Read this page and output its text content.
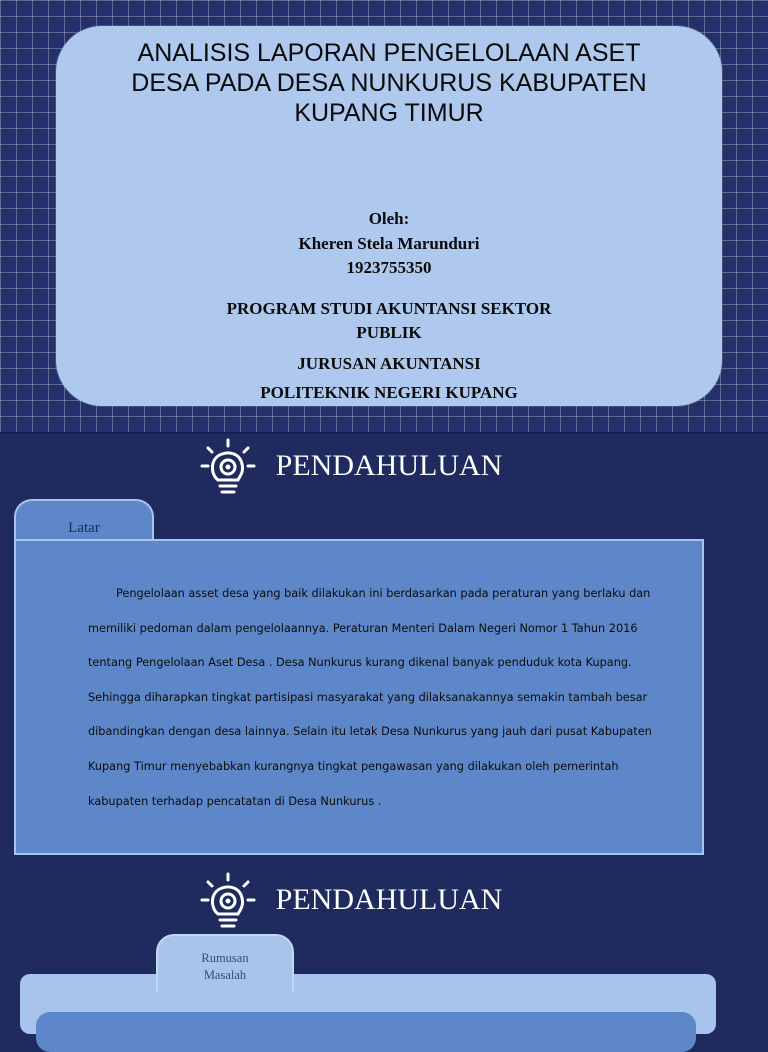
ANALISIS LAPORAN PENGELOLAAN ASET
DESA PADA DESA NUNKURUS KABUPATEN
KUPANG TIMUR
Oleh:
Kheren Stela Marunduri
1923755350
PROGRAM STUDI AKUNTANSI SEKTOR
PUBLIK
JURUSAN AKUNTANSI
POLITEKNIK NEGERI KUPANG
PENDAHULUAN
Latar
Pengelolaan asset desa yang baik dilakukan ini berdasarkan pada peraturan yang berlaku dan memiliki pedoman dalam pengelolaannya. Peraturan Menteri Dalam Negeri Nomor 1 Tahun 2016 tentang Pengelolaan Aset Desa . Desa Nunkurus kurang dikenal banyak penduduk kota Kupang. Sehingga diharapkan tingkat partisipasi masyarakat yang dilaksanakannya semakin tambah besar dibandingkan dengan desa lainnya. Selain itu letak Desa Nunkurus yang jauh dari pusat Kabupaten Kupang Timur menyebabkan kurangnya tingkat pengawasan yang dilakukan oleh pemerintah kabupaten terhadap pencatatan di Desa Nunkurus .
PENDAHULUAN
Rumusan
Masalah
